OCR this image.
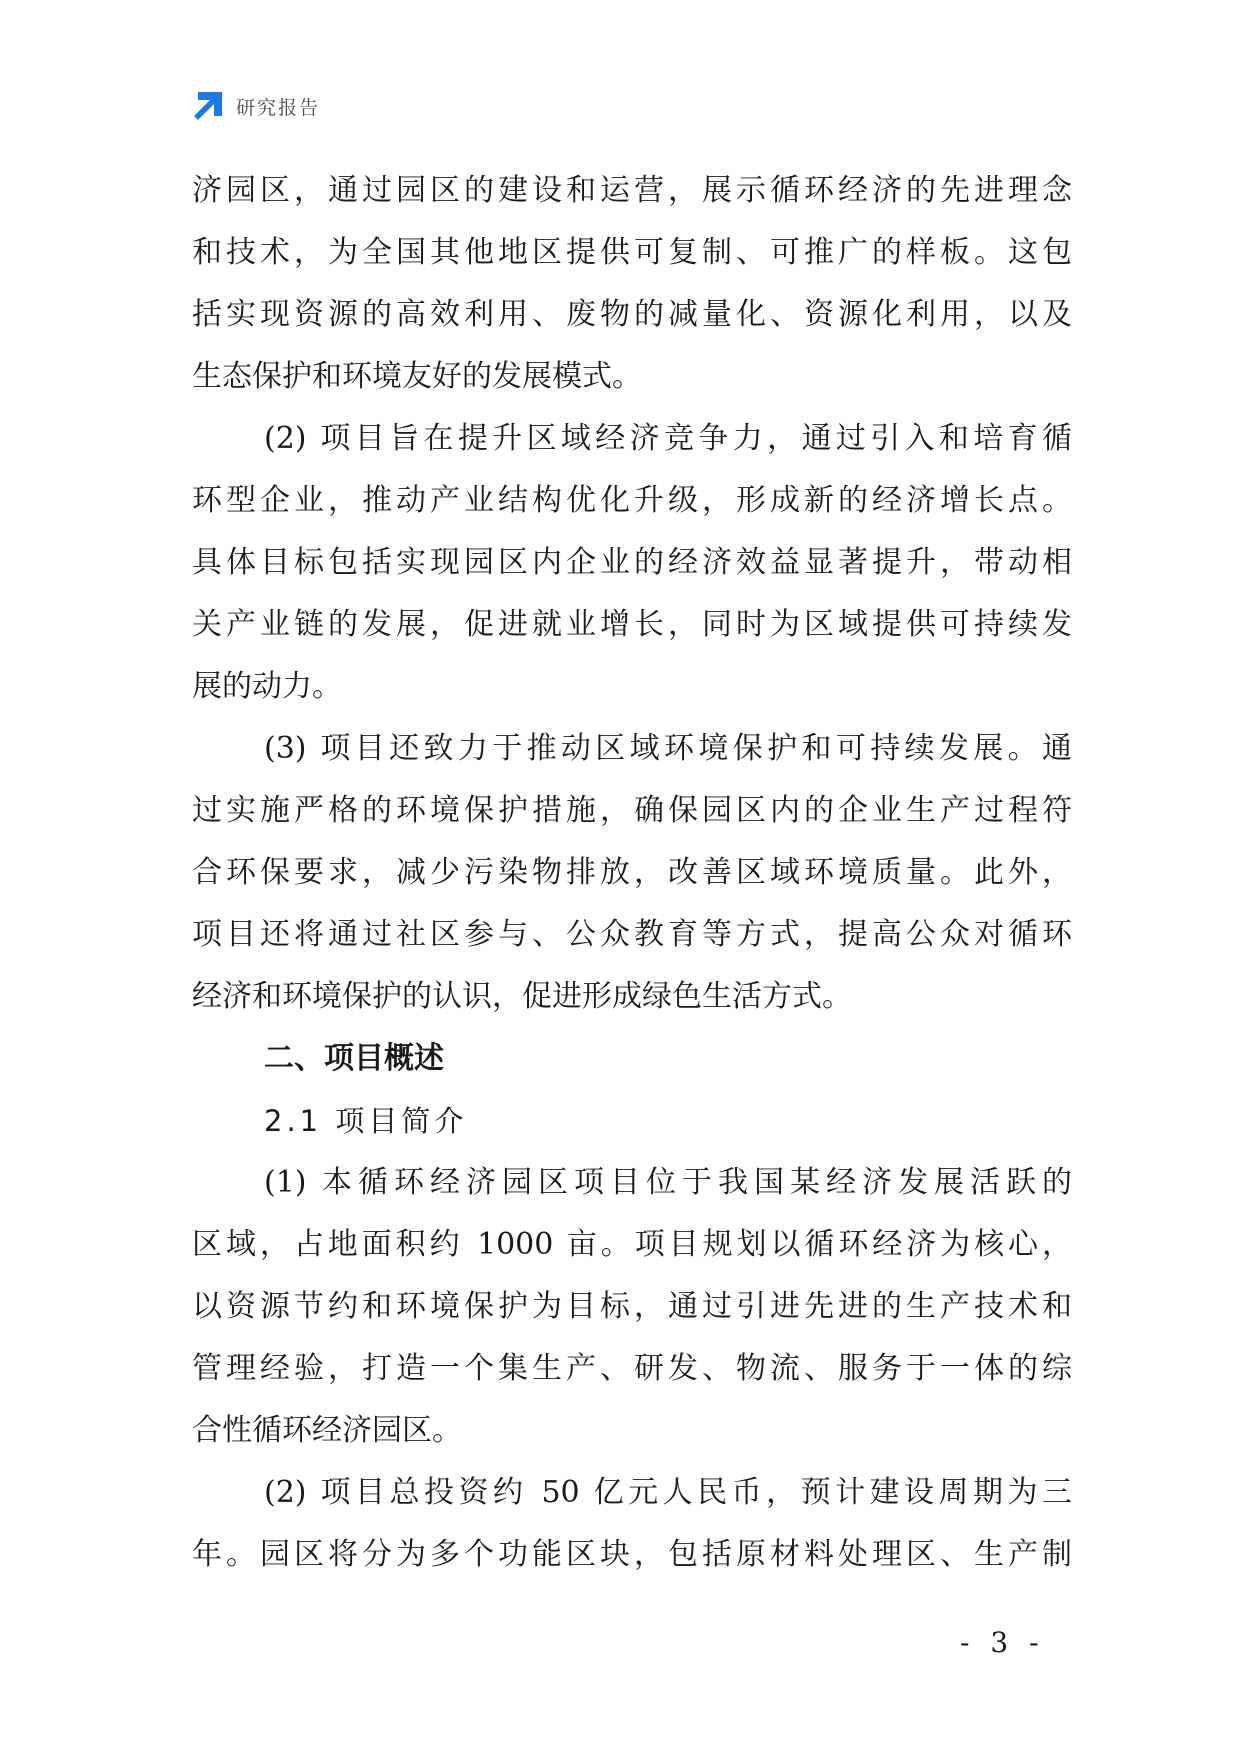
研究报告
济园区，通过园区的建设和运营，展示循环经济的先进理念
和技术，为全国其他地区提供可复制、可推广的样板。这包
括实现资源的高效利用、废物的减量化、资源化利用，以及
生态保护和环境友好的发展模式。
(2) 项目旨在提升区域经济竞争力，通过引入和培育循
环型企业，推动产业结构优化升级，形成新的经济增长点。
具体目标包括实现园区内企业的经济效益显著提升，带动相
关产业链的发展，促进就业增长，同时为区域提供可持续发
展的动力。
(3) 项目还致力于推动区域环境保护和可持续发展。通
过实施严格的环境保护措施，确保园区内的企业生产过程符
合环保要求，减少污染物排放，改善区域环境质量。此外，
项目还将通过社区参与、公众教育等方式，提高公众对循环
经济和环境保护的认识，促进形成绿色生活方式。
二、项目概述
2.1 项目简介
(1) 本循环经济园区项目位于我国某经济发展活跃的
区域，占地面积约 1000 亩。项目规划以循环经济为核心，
以资源节约和环境保护为目标，通过引进先进的生产技术和
管理经验，打造一个集生产、研发、物流、服务于一体的综
合性循环经济园区。
(2) 项目总投资约 50 亿元人民币，预计建设周期为三
年。园区将分为多个功能区块，包括原材料处理区、生产制
- 3 -
